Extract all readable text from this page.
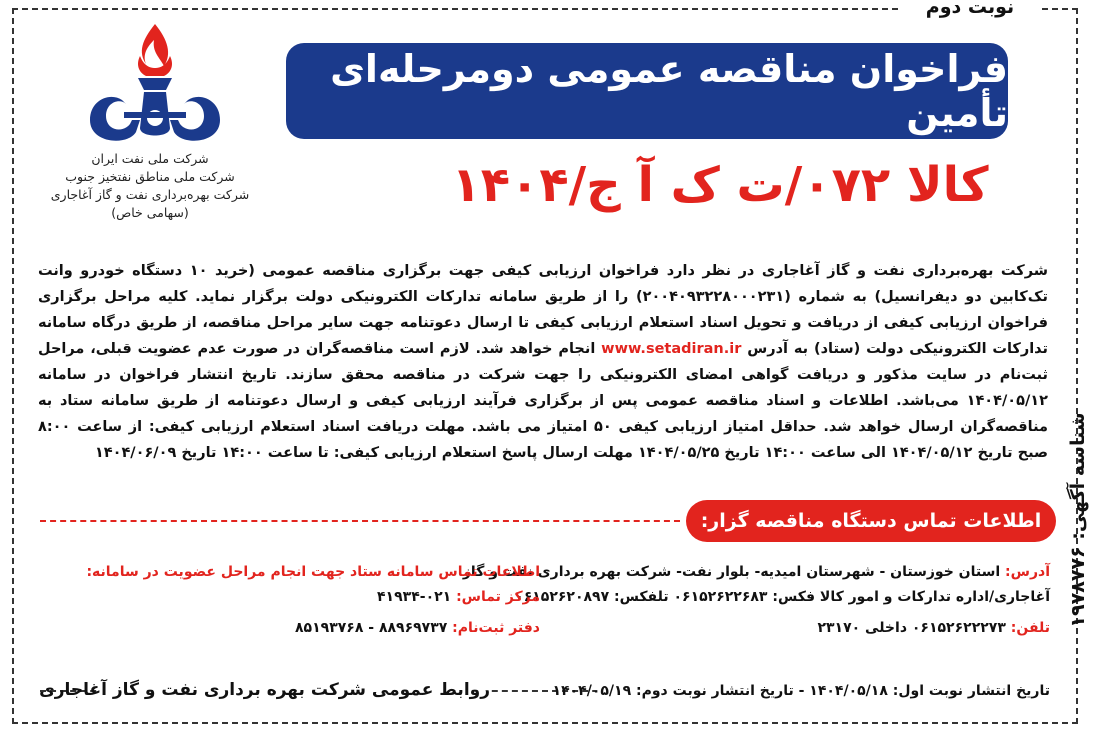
نوبت دوم
شرکت ملی نفت ایران
شرکت ملی مناطق نفتخیز جنوب
شرکت بهره‌برداری نفت و گاز آغاجاری
(سهامی خاص)
فراخوان مناقصه عمومی دومرحله‌ای تأمین
کالا ۰۷۲/ت ک آ ج/۱۴۰۴
شرکت بهره‌برداری نفت و گاز آغاجاری در نظر دارد فراخوان ارزیابی کیفی جهت برگزاری مناقصه عمومی (خرید ۱۰ دستگاه خودرو وانت تک‌کابین دو دیفرانسیل) به شماره (۲۰۰۴۰۹۳۲۲۸۰۰۰۲۳۱) را از طریق سامانه تدارکات الکترونیکی دولت برگزار نماید. کلیه مراحل برگزاری فراخوان ارزیابی کیفی از دریافت و تحویل اسناد استعلام ارزیابی کیفی تا ارسال دعوتنامه جهت سایر مراحل مناقصه، از طریق درگاه سامانه تدارکات الکترونیکی دولت (ستاد) به آدرس www.setadiran.ir انجام خواهد شد. لازم است مناقصه‌گران در صورت عدم عضویت قبلی، مراحل ثبت‌نام در سایت مذکور و دریافت گواهی امضای الکترونیکی را جهت شرکت در مناقصه محقق سازند. تاریخ انتشار فراخوان در سامانه ۱۴۰۴/۰۵/۱۲ می‌باشد. اطلاعات و اسناد مناقصه عمومی پس از برگزاری فرآیند ارزیابی کیفی و ارسال دعوتنامه از طریق سامانه ستاد به مناقصه‌گران ارسال خواهد شد. حداقل امتیاز ارزیابی کیفی ۵۰ امتیاز می باشد. مهلت دریافت اسناد استعلام ارزیابی کیفی: از ساعت ۸:۰۰ صبح تاریخ ۱۴۰۴/۰۵/۱۲ الی ساعت ۱۴:۰۰ تاریخ ۱۴۰۴/۰۵/۲۵ مهلت ارسال پاسخ استعلام ارزیابی کیفی: تا ساعت ۱۴:۰۰ تاریخ ۱۴۰۴/۰۶/۰۹
اطلاعات تماس دستگاه مناقصه گزار:
آدرس: استان خوزستان - شهرستان امیدیه- بلوار نفت- شرکت بهره برداری نفت و گاز
آغاجاری/اداره تدارکات و امور کالا فکس: ۰۶۱۵۲۶۲۲۶۸۳ تلفکس: ۰۶۱۵۲۶۲۰۸۹۷
تلفن: ۰۶۱۵۲۶۲۲۲۷۳ داخلی ۲۳۱۷۰
اطلاعات تماس سامانه ستاد جهت انجام مراحل عضویت در سامانه:
مرکز تماس: ۰۲۱-۴۱۹۳۴
دفتر ثبت‌نام: ۸۸۹۶۹۷۳۷ - ۸۵۱۹۳۷۶۸
تاریخ انتشار نوبت اول: ۱۴۰۴/۰۵/۱۸ - تاریخ انتشار نوبت دوم: ۱۴۰۴/۰۵/۱۹
روابط عمومی شرکت بهره برداری نفت و گاز آغاجاری
شناسه آگهی: ۱۹۷۸۷۷۶
